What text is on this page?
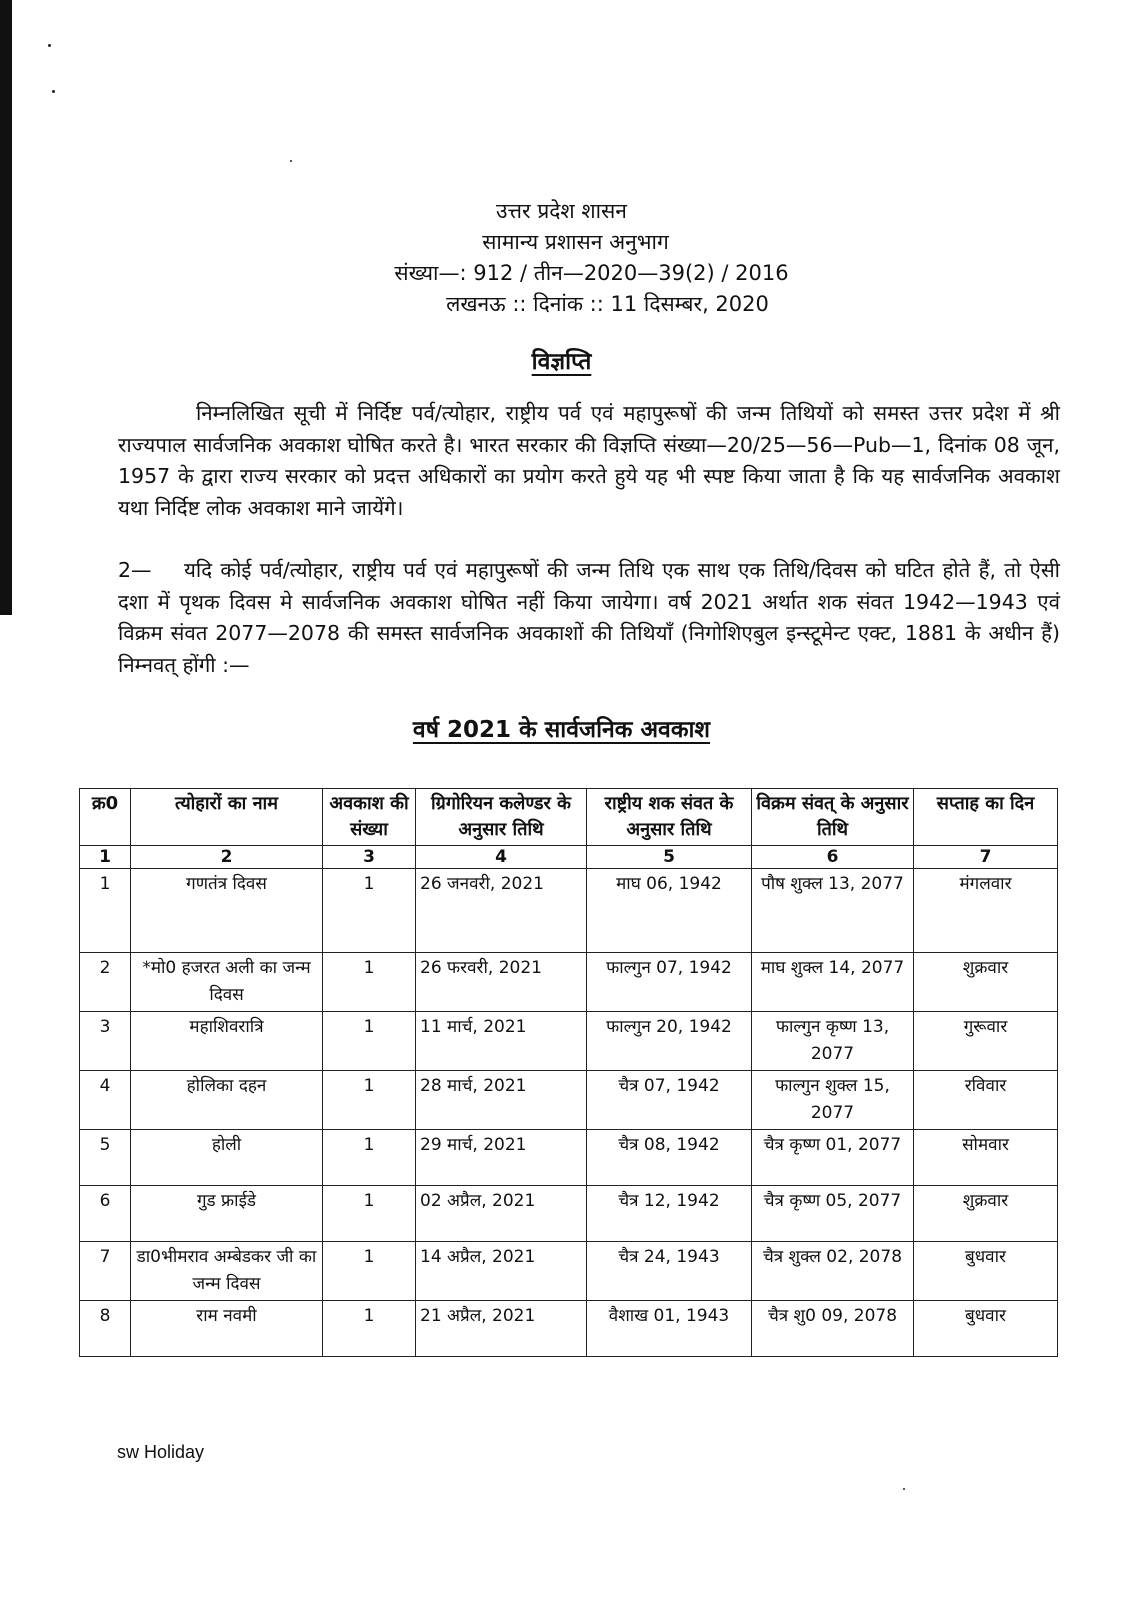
उत्तर प्रदेश शासन
सामान्य प्रशासन अनुभाग
संख्या—: 912 / तीन—2020—39(2) / 2016
लखनऊ :: दिनांक :: 11 दिसम्बर, 2020
विज्ञप्ति
निम्नलिखित सूची में निर्दिष्ट पर्व/त्योहार, राष्ट्रीय पर्व एवं महापुरूषों की जन्म तिथियों को समस्त उत्तर प्रदेश में श्री राज्यपाल सार्वजनिक अवकाश घोषित करते है। भारत सरकार की विज्ञप्ति संख्या—20/25—56—Pub—1, दिनांक 08 जून, 1957 के द्वारा राज्य सरकार को प्रदत्त अधिकारों का प्रयोग करते हुये यह भी स्पष्ट किया जाता है कि यह सार्वजनिक अवकाश यथा निर्दिष्ट लोक अवकाश माने जायेंगे।
2— यदि कोई पर्व/त्योहार, राष्ट्रीय पर्व एवं महापुरूषों की जन्म तिथि एक साथ एक तिथि/दिवस को घटित होते हैं, तो ऐसी दशा में पृथक दिवस मे सार्वजनिक अवकाश घोषित नहीं किया जायेगा। वर्ष 2021 अर्थात शक संवत 1942—1943 एवं विक्रम संवत 2077—2078 की समस्त सार्वजनिक अवकाशों की तिथियाँ (निगोशिएबुल इन्स्टूमेन्ट एक्ट, 1881 के अधीन हैं) निम्नवत् होंगी :—
वर्ष 2021 के सार्वजनिक अवकाश
क्र0	त्योहारों का नाम	अवकाश की संख्या	ग्रिगोरियन कलेण्डर के अनुसार तिथि	राष्ट्रीय शक संवत के अनुसार तिथि	विक्रम संवत् के अनुसार तिथि	सप्ताह का दिन
1	2	3	4	5	6	7
1	गणतंत्र दिवस	1	26 जनवरी, 2021	माघ 06, 1942	पौष शुक्ल 13, 2077	मंगलवार
2	*मो0 हजरत अली का जन्म दिवस	1	26 फरवरी, 2021	फाल्गुन 07, 1942	माघ शुक्ल 14, 2077	शुक्रवार
3	महाशिवरात्रि	1	11 मार्च, 2021	फाल्गुन 20, 1942	फाल्गुन कृष्ण 13, 2077	गुरूवार
4	होलिका दहन	1	28 मार्च, 2021	चैत्र 07, 1942	फाल्गुन शुक्ल 15, 2077	रविवार
5	होली	1	29 मार्च, 2021	चैत्र 08, 1942	चैत्र कृष्ण 01, 2077	सोमवार
6	गुड फ्राईडे	1	02 अप्रैल, 2021	चैत्र 12, 1942	चैत्र कृष्ण 05, 2077	शुक्रवार
7	डा0भीमराव अम्बेडकर जी का जन्म दिवस	1	14 अप्रैल, 2021	चैत्र 24, 1943	चैत्र शुक्ल 02, 2078	बुधवार
8	राम नवमी	1	21 अप्रैल, 2021	वैशाख 01, 1943	चैत्र शु0 09, 2078	बुधवार
sw Holiday
